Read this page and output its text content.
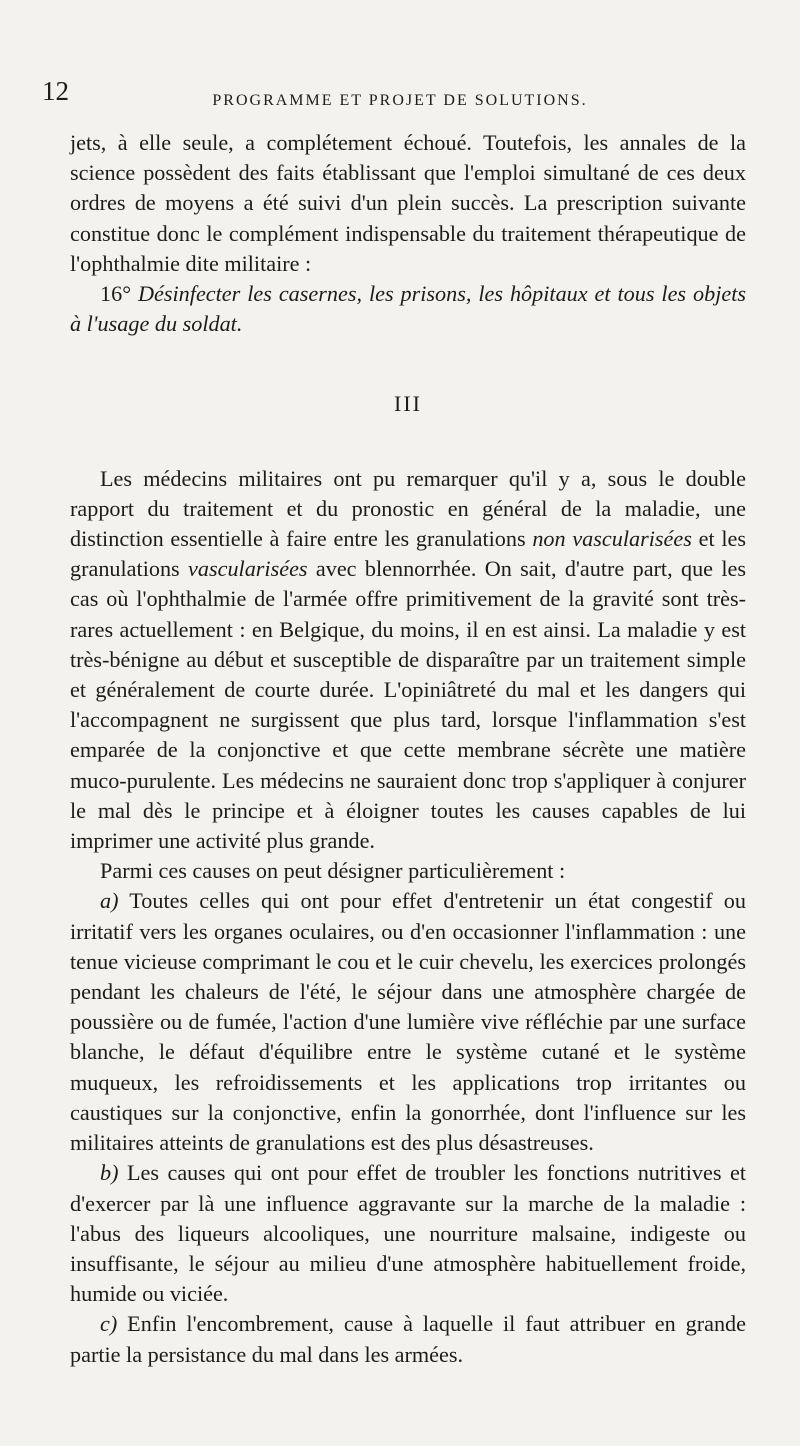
12	PROGRAMME ET PROJET DE SOLUTIONS.

jets, à elle seule, a complétement échoué. Toutefois, les annales de la science possèdent des faits établissant que l'emploi simultané de ces deux ordres de moyens a été suivi d'un plein succès. La prescription suivante constitue donc le complément indispensable du traitement thérapeutique de l'ophthalmie dite militaire :

16° Désinfecter les casernes, les prisons, les hôpitaux et tous les objets à l'usage du soldat.

III

Les médecins militaires ont pu remarquer qu'il y a, sous le double rapport du traitement et du pronostic en général de la maladie, une distinction essentielle à faire entre les granulations non vascularisées et les granulations vascularisées avec blennorrhée. On sait, d'autre part, que les cas où l'ophthalmie de l'armée offre primitivement de la gravité sont très-rares actuellement : en Belgique, du moins, il en est ainsi. La maladie y est très-bénigne au début et susceptible de disparaître par un traitement simple et généralement de courte durée. L'opiniâtreté du mal et les dangers qui l'accompagnent ne surgissent que plus tard, lorsque l'inflammation s'est emparée de la conjonctive et que cette membrane sécrète une matière muco-purulente. Les médecins ne sauraient donc trop s'appliquer à conjurer le mal dès le principe et à éloigner toutes les causes capables de lui imprimer une activité plus grande.

Parmi ces causes on peut désigner particulièrement :

a) Toutes celles qui ont pour effet d'entretenir un état congestif ou irritatif vers les organes oculaires, ou d'en occasionner l'inflammation : une tenue vicieuse comprimant le cou et le cuir chevelu, les exercices prolongés pendant les chaleurs de l'été, le séjour dans une atmosphère chargée de poussière ou de fumée, l'action d'une lumière vive réfléchie par une surface blanche, le défaut d'équilibre entre le système cutané et le système muqueux, les refroidissements et les applications trop irritantes ou caustiques sur la conjonctive, enfin la gonorrhée, dont l'influence sur les militaires atteints de granulations est des plus désastreuses.

b) Les causes qui ont pour effet de troubler les fonctions nutritives et d'exercer par là une influence aggravante sur la marche de la maladie : l'abus des liqueurs alcooliques, une nourriture malsaine, indigeste ou insuffisante, le séjour au milieu d'une atmosphère habituellement froide, humide ou viciée.

c) Enfin l'encombrement, cause à laquelle il faut attribuer en grande partie la persistance du mal dans les armées.
